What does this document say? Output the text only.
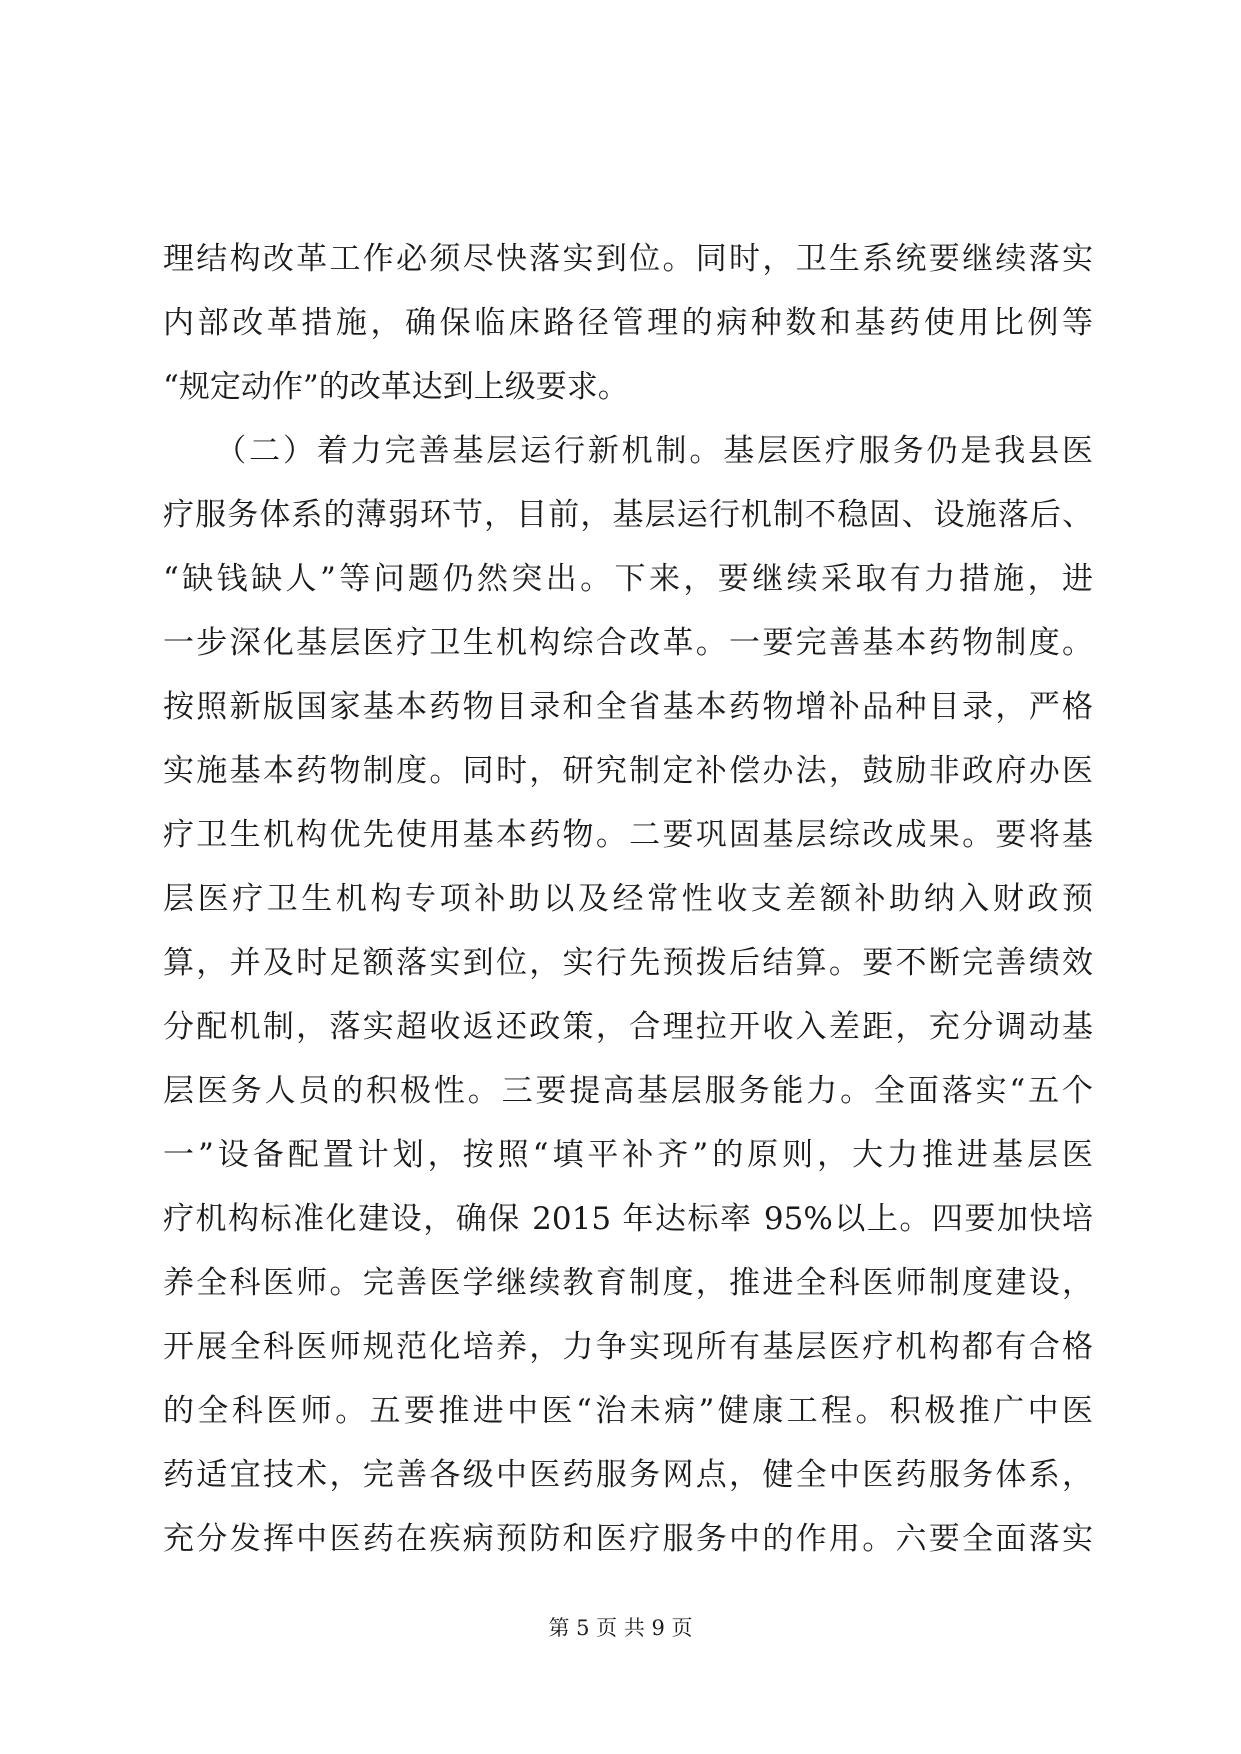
理结构改革工作必须尽快落实到位。同时，卫生系统要继续落实
内部改革措施，确保临床路径管理的病种数和基药使用比例等
“规定动作”的改革达到上级要求。
　　（二）着力完善基层运行新机制。基层医疗服务仍是我县医
疗服务体系的薄弱环节，目前，基层运行机制不稳固、设施落后、
“缺钱缺人”等问题仍然突出。下来，要继续采取有力措施，进
一步深化基层医疗卫生机构综合改革。一要完善基本药物制度。
按照新版国家基本药物目录和全省基本药物增补品种目录，严格
实施基本药物制度。同时，研究制定补偿办法，鼓励非政府办医
疗卫生机构优先使用基本药物。二要巩固基层综改成果。要将基
层医疗卫生机构专项补助以及经常性收支差额补助纳入财政预
算，并及时足额落实到位，实行先预拨后结算。要不断完善绩效
分配机制，落实超收返还政策，合理拉开收入差距，充分调动基
层医务人员的积极性。三要提高基层服务能力。全面落实“五个
一”设备配置计划，按照“填平补齐”的原则，大力推进基层医
疗机构标准化建设，确保 2015 年达标率 95%以上。四要加快培
养全科医师。完善医学继续教育制度，推进全科医师制度建设，
开展全科医师规范化培养，力争实现所有基层医疗机构都有合格
的全科医师。五要推进中医“治未病”健康工程。积极推广中医
药适宜技术，完善各级中医药服务网点，健全中医药服务体系，
充分发挥中医药在疾病预防和医疗服务中的作用。六要全面落实
第 5 页 共 9 页
